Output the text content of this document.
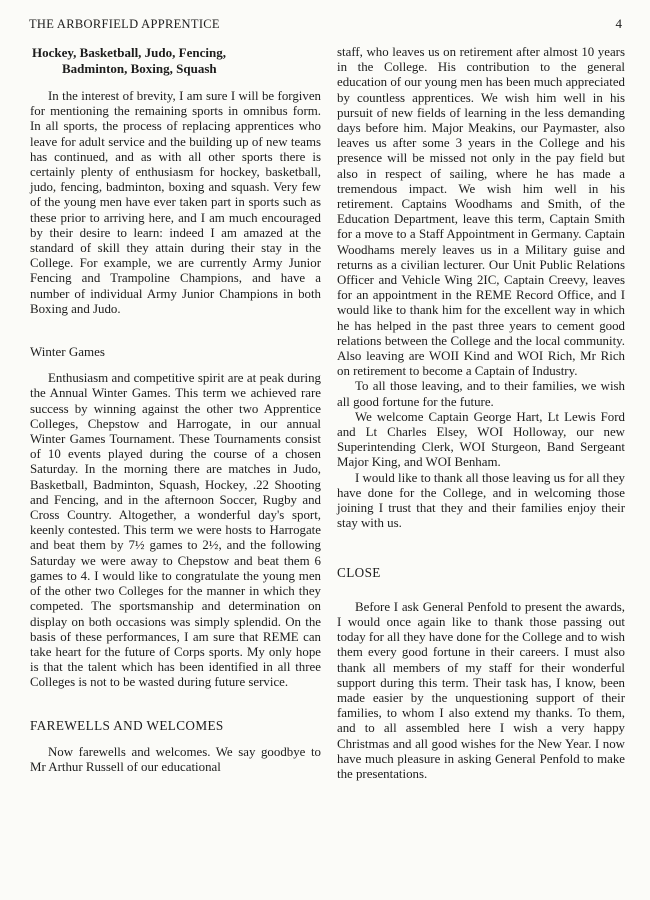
THE ARBORFIELD APPRENTICE	4
Hockey, Basketball, Judo, Fencing,
Badminton, Boxing, Squash

In the interest of brevity, I am sure I will be forgiven for mentioning the remaining sports in omnibus form. In all sports, the process of replacing apprentices who leave for adult service and the building up of new teams has continued, and as with all other sports there is certainly plenty of enthusiasm for hockey, basketball, judo, fencing, badminton, boxing and squash. Very few of the young men have ever taken part in sports such as these prior to arriving here, and I am much encouraged by their desire to learn: indeed I am amazed at the standard of skill they attain during their stay in the College. For example, we are currently Army Junior Fencing and Trampoline Champions, and have a number of individual Army Junior Champions in both Boxing and Judo.

Winter Games

Enthusiasm and competitive spirit are at peak during the Annual Winter Games. This term we achieved rare success by winning against the other two Apprentice Colleges, Chepstow and Harrogate, in our annual Winter Games Tournament. These Tournaments consist of 10 events played during the course of a chosen Saturday. In the morning there are matches in Judo, Basketball, Badminton, Squash, Hockey, .22 Shooting and Fencing, and in the afternoon Soccer, Rugby and Cross Country. Altogether, a wonderful day's sport, keenly contested. This term we were hosts to Harrogate and beat them by 7½ games to 2½, and the following Saturday we were away to Chepstow and beat them 6 games to 4. I would like to congratulate the young men of the other two Colleges for the manner in which they competed. The sportsmanship and determination on display on both occasions was simply splendid. On the basis of these performances, I am sure that REME can take heart for the future of Corps sports. My only hope is that the talent which has been identified in all three Colleges is not to be wasted during future service.

FAREWELLS AND WELCOMES

Now farewells and welcomes. We say goodbye to Mr Arthur Russell of our educational

staff, who leaves us on retirement after almost 10 years in the College. His contribution to the general education of our young men has been much appreciated by countless apprentices. We wish him well in his pursuit of new fields of learning in the less demanding days before him. Major Meakins, our Paymaster, also leaves us after some 3 years in the College and his presence will be missed not only in the pay field but also in respect of sailing, where he has made a tremendous impact. We wish him well in his retirement. Captains Woodhams and Smith, of the Education Department, leave this term, Captain Smith for a move to a Staff Appointment in Germany. Captain Woodhams merely leaves us in a Military guise and returns as a civilian lecturer. Our Unit Public Relations Officer and Vehicle Wing 2IC, Captain Creevy, leaves for an appointment in the REME Record Office, and I would like to thank him for the excellent way in which he has helped in the past three years to cement good relations between the College and the local community. Also leaving are WOII Kind and WOI Rich, Mr Rich on retirement to become a Captain of Industry.

To all those leaving, and to their families, we wish all good fortune for the future.

We welcome Captain George Hart, Lt Lewis Ford and Lt Charles Elsey, WOI Holloway, our new Superintending Clerk, WOI Sturgeon, Band Sergeant Major King, and WOI Benham.

I would like to thank all those leaving us for all they have done for the College, and in welcoming those joining I trust that they and their families enjoy their stay with us.

CLOSE

Before I ask General Penfold to present the awards, I would once again like to thank those passing out today for all they have done for the College and to wish them every good fortune in their careers. I must also thank all members of my staff for their wonderful support during this term. Their task has, I know, been made easier by the unquestioning support of their families, to whom I also extend my thanks. To them, and to all assembled here I wish a very happy Christmas and all good wishes for the New Year. I now have much pleasure in asking General Penfold to make the presentations.
